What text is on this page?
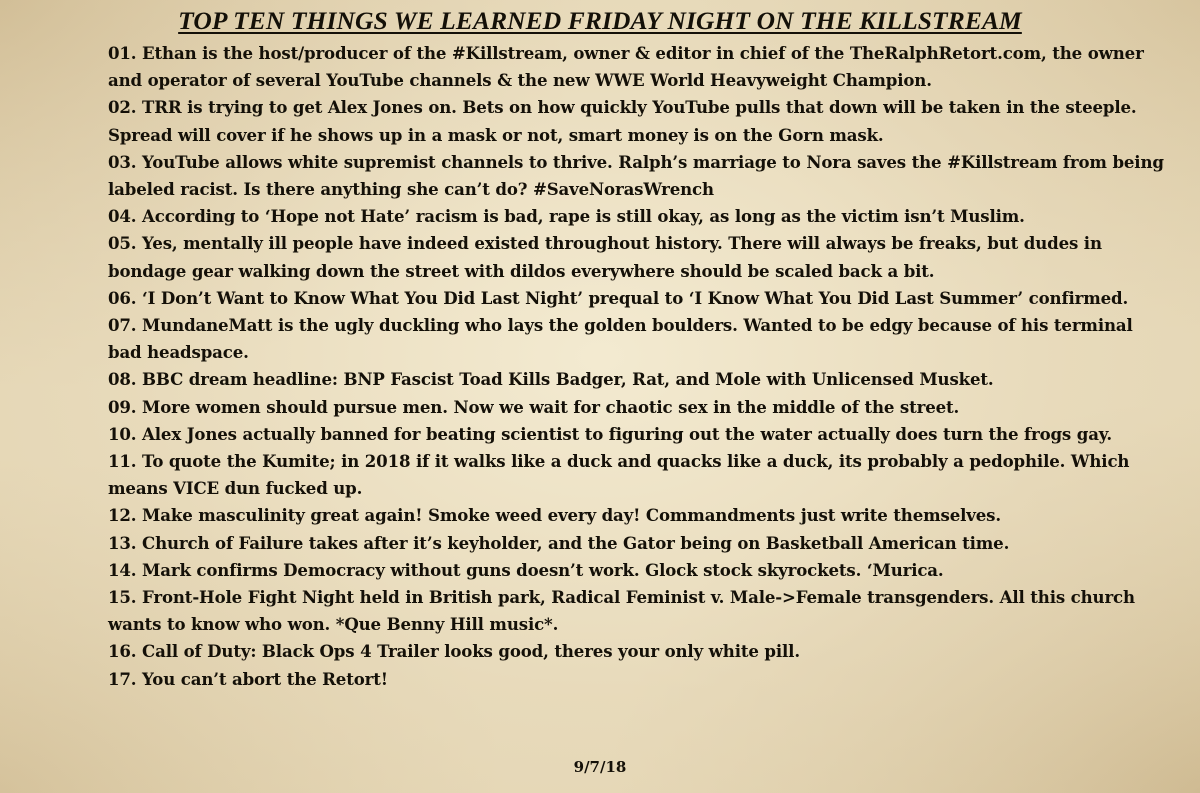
TOP TEN THINGS WE LEARNED FRIDAY NIGHT ON THE KILLSTREAM
01. Ethan is the host/producer of the #Killstream, owner & editor in chief of the TheRalphRetort.com, the owner and operator of several YouTube channels & the new WWE World Heavyweight Champion.
02. TRR is trying to get Alex Jones on. Bets on how quickly YouTube pulls that down will be taken in the steeple. Spread will cover if he shows up in a mask or not, smart money is on the Gorn mask.
03. YouTube allows white supremist channels to thrive. Ralph’s marriage to Nora saves the #Killstream from being labeled racist. Is there anything she can’t do? #SaveNorasWrench
04. According to ‘Hope not Hate’ racism is bad, rape is still okay, as long as the victim isn’t Muslim.
05. Yes, mentally ill people have indeed existed throughout history. There will always be freaks, but dudes in bondage gear walking down the street with dildos everywhere should be scaled back a bit.
06. ‘I Don’t Want to Know What You Did Last Night’ prequal to ‘I Know What You Did Last Summer’ confirmed.
07. MundaneMatt is the ugly duckling who lays the golden boulders. Wanted to be edgy because of his terminal bad headspace.
08. BBC dream headline: BNP Fascist Toad Kills Badger, Rat, and Mole with Unlicensed Musket.
09. More women should pursue men. Now we wait for chaotic sex in the middle of the street.
10. Alex Jones actually banned for beating scientist to figuring out the water actually does turn the frogs gay.
11. To quote the Kumite; in 2018 if it walks like a duck and quacks like a duck, its probably a pedophile. Which means VICE dun fucked up.
12. Make masculinity great again! Smoke weed every day! Commandments just write themselves.
13. Church of Failure takes after it’s keyholder, and the Gator being on Basketball American time.
14. Mark confirms Democracy without guns doesn’t work. Glock stock skyrockets. ‘Murica.
15. Front-Hole Fight Night held in British park, Radical Feminist v. Male->Female transgenders. All this church wants to know who won. *Que Benny Hill music*.
16. Call of Duty: Black Ops 4 Trailer looks good, theres your only white pill.
17. You can’t abort the Retort!
9/7/18
